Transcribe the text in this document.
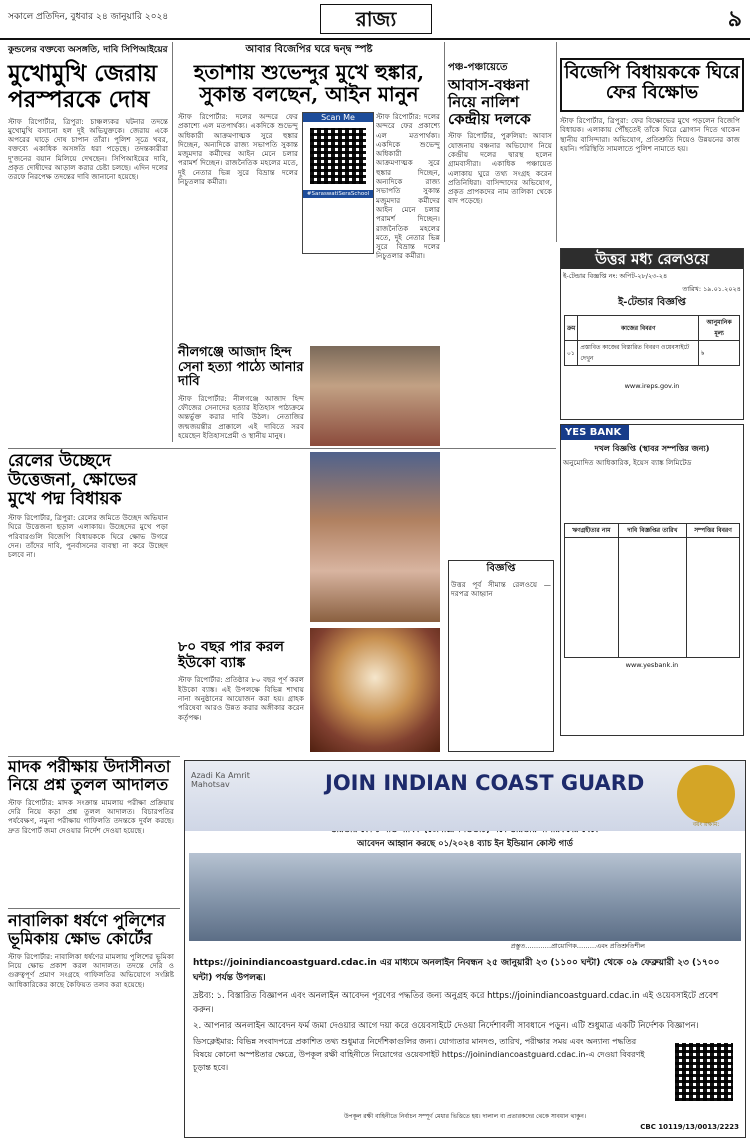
সকালে প্রতিদিন, বুধবার ২৪ জানুয়ারি ২০২৪	রাজ্য	৯
কুন্ডলের বক্তব্যে অসঙ্গতি, দাবি সিপিআইয়ের
মুখোমুখি জেরায় পরস্পরকে দোষ
স্টাফ রিপোর্টার, ত্রিপুরা: চাঞ্চল্যকর ঘটনার তদন্তে মুখোমুখি বসানো হল দুই অভিযুক্তকে। জেরায় একে অপরের ঘাড়ে দোষ চাপান তাঁরা। পুলিশ সূত্রে খবর, বক্তব্যে একাধিক অসঙ্গতি ধরা পড়েছে। তদন্তকারীরা দু'জনের বয়ান মিলিয়ে দেখছেন। সিপিআইয়ের দাবি, প্রকৃত দোষীদের আড়াল করার চেষ্টা চলছে। এদিন দলের তরফে নিরপেক্ষ তদন্তের দাবি জানানো হয়েছে।
আবার বিজেপির ঘরে দ্বন্দ্ব স্পষ্ট
হতাশায় শুভেন্দুর মুখে হুঙ্কার, সুকান্ত বলছেন, আইন মানুন
স্টাফ রিপোর্টার: দলের অন্দরে ফের প্রকাশ্যে এল মতপার্থক্য। একদিকে শুভেন্দু অধিকারী আক্রমণাত্মক সুরে হুঙ্কার দিচ্ছেন, অন্যদিকে রাজ্য সভাপতি সুকান্ত মজুমদার কর্মীদের আইন মেনে চলার পরামর্শ দিচ্ছেন। রাজনৈতিক মহলের মতে, দুই নেতার ভিন্ন সুরে বিভ্রান্ত দলের নিচুতলার কর্মীরা।
Scan Me
#SaraswatiSeraSchool
স্টাফ রিপোর্টার: দলের অন্দরে ফের প্রকাশ্যে এল মতপার্থক্য। একদিকে শুভেন্দু অধিকারী আক্রমণাত্মক সুরে হুঙ্কার দিচ্ছেন, অন্যদিকে রাজ্য সভাপতি সুকান্ত মজুমদার কর্মীদের আইন মেনে চলার পরামর্শ দিচ্ছেন। রাজনৈতিক মহলের মতে, দুই নেতার ভিন্ন সুরে বিভ্রান্ত দলের নিচুতলার কর্মীরা।
পঞ্চ-পঞ্চায়েতে
আবাস-বঞ্চনা নিয়ে নালিশ কেন্দ্রীয় দলকে
স্টাফ রিপোর্টার, পুরুলিয়া: আবাস যোজনায় বঞ্চনার অভিযোগ নিয়ে কেন্দ্রীয় দলের দ্বারস্থ হলেন গ্রামবাসীরা। একাধিক পঞ্চায়েত এলাকায় ঘুরে তথ্য সংগ্রহ করেন প্রতিনিধিরা। বাসিন্দাদের অভিযোগ, প্রকৃত প্রাপকদের নাম তালিকা থেকে বাদ পড়েছে।
বিজেপি বিধায়ককে ঘিরে ফের বিক্ষোভ
স্টাফ রিপোর্টার, ত্রিপুরা: ফের বিক্ষোভের মুখে পড়লেন বিজেপি বিধায়ক। এলাকায় পৌঁছতেই তাঁকে ঘিরে স্লোগান দিতে থাকেন স্থানীয় বাসিন্দারা। অভিযোগ, প্রতিশ্রুতি দিয়েও উন্নয়নের কাজ হয়নি। পরিস্থিতি সামলাতে পুলিশ নামাতে হয়।
উত্তর মধ্য রেলওয়ে
ই-টেন্ডার বিজ্ঞপ্তি নং: অপিট-২৮/২৩-২৪
তারিখ: ১৯.০১.২০২৪
ই-টেন্ডার বিজ্ঞপ্তি
ক্রম	কাজের বিবরণ	আনুমানিক মূল্য
০১	প্রস্তাবিত কাজের বিস্তারিত বিবরণ ওয়েবসাইটে দেখুন	৳
www.ireps.gov.in
YES BANK
দখল বিজ্ঞপ্তি (স্থাবর সম্পত্তির জন্য)
অনুমোদিত আধিকারিক, ইয়েস ব্যাঙ্ক লিমিটেড
ঋণগ্রহীতার নাম	দাবি বিজ্ঞপ্তির তারিখ	সম্পত্তির বিবরণ

www.yesbank.in
রেলের উচ্ছেদে উত্তেজনা, ক্ষোভের মুখে পদ্ম বিধায়ক
স্টাফ রিপোর্টার, ত্রিপুরা: রেলের জমিতে উচ্ছেদ অভিযান ঘিরে উত্তেজনা ছড়াল এলাকায়। উচ্ছেদের মুখে পড়া পরিবারগুলি বিজেপি বিধায়ককে ঘিরে ক্ষোভ উগরে দেন। তাঁদের দাবি, পুনর্বাসনের ব্যবস্থা না করে উচ্ছেদ চলবে না।
নীলগঞ্জে আজাদ হিন্দ সেনা হত্যা পাঠ্যে আনার দাবি
স্টাফ রিপোর্টার: নীলগঞ্জে আজাদ হিন্দ ফৌজের সেনাদের হত্যার ইতিহাস পাঠ্যক্রমে অন্তর্ভুক্ত করার দাবি উঠল। নেতাজির জন্মজয়ন্তীর প্রাক্কালে এই দাবিতে সরব হয়েছেন ইতিহাসপ্রেমী ও স্থানীয় মানুষ।
৮০ বছর পার করল ইউকো ব্যাঙ্ক
স্টাফ রিপোর্টার: প্রতিষ্ঠার ৮০ বছর পূর্ণ করল ইউকো ব্যাঙ্ক। এই উপলক্ষে বিভিন্ন শাখায় নানা অনুষ্ঠানের আয়োজন করা হয়। গ্রাহক পরিষেবা আরও উন্নত করার অঙ্গীকার করেন কর্তৃপক্ষ।
বিজ্ঞপ্তি
উত্তর পূর্ব সীমান্ত রেলওয়ে — দরপত্র আহ্বান
মাদক পরীক্ষায় উদাসীনতা নিয়ে প্রশ্ন তুলল আদালত
স্টাফ রিপোর্টার: মাদক সংক্রান্ত মামলায় পরীক্ষা প্রক্রিয়ায় দেরি নিয়ে কড়া প্রশ্ন তুলল আদালত। বিচারপতির পর্যবেক্ষণ, নমুনা পরীক্ষায় গাফিলতি তদন্তকে দুর্বল করছে। দ্রুত রিপোর্ট জমা দেওয়ার নির্দেশ দেওয়া হয়েছে।
নাবালিকা ধর্ষণে পুলিশের ভূমিকায় ক্ষোভ কোর্টের
স্টাফ রিপোর্টার: নাবালিকা ধর্ষণের মামলায় পুলিশের ভূমিকা নিয়ে ক্ষোভ প্রকাশ করল আদালত। তদন্তে দেরি ও গুরুত্বপূর্ণ প্রমাণ সংগ্রহে গাফিলতির অভিযোগে সংশ্লিষ্ট আধিকারিকের কাছে কৈফিয়ত তলব করা হয়েছে।
Azadi Ka Amrit Mahotsav	JOIN INDIAN COAST GUARD
বয়ং রক্ষাম:
আবেদন আহ্বান করছে ০১/২০২৪ ব্যাচ ইন ইন্ডিয়ান কোস্ট গার্ড
প্রস্তুত…………প্রায়োগিক………এবং প্রতিশ্রুতিশীল
https://joinindiancoastguard.cdac.in এর মাধ্যমে অনলাইন নিবন্ধন ২৫ জানুয়ারী ২৩ (১১০০ ঘন্টা) থেকে ০৯ ফেব্রুয়ারী ২৩ (১৭০০ ঘন্টা) পর্যন্ত উপলব্ধ।
দ্রষ্টব্য: ১. বিস্তারিত বিজ্ঞাপন এবং অনলাইন আবেদন পূরণের পদ্ধতির জন্য অনুগ্রহ করে https://joinindiancoastguard.cdac.in এই ওয়েবসাইটে প্রবেশ করুন।
২. আপনার অনলাইন আবেদন ফর্ম জমা দেওয়ার আগে দয়া করে ওয়েবসাইটে দেওয়া নির্দেশাবলী সাবধানে পড়ুন। এটি শুধুমাত্র একটি নির্দেশক বিজ্ঞাপন।
ডিসক্লেইমার: বিভিন্ন সংবাদপত্রে প্রকাশিত তথ্য শুধুমাত্র নির্দেশিকাগুলির জন্য। যোগ্যতার মানদণ্ড, তারিখ, পরীক্ষার সময় এবং অন্যান্য পদ্ধতির বিষয়ে কোনো অস্পষ্টতার ক্ষেত্রে, উপকূল রক্ষী বাহিনীতে নিয়োগের ওয়েবসাইট https://joinindiancoastguard.cdac.in-এ দেওয়া বিবরণই চূড়ান্ত হবে।
উপকূল রক্ষী বাহিনীতে নির্বাচন সম্পূর্ণ মেধার ভিত্তিতে হয়। দালাল বা প্রতারকদের থেকে সাবধান থাকুন।
CBC 10119/13/0013/2223
